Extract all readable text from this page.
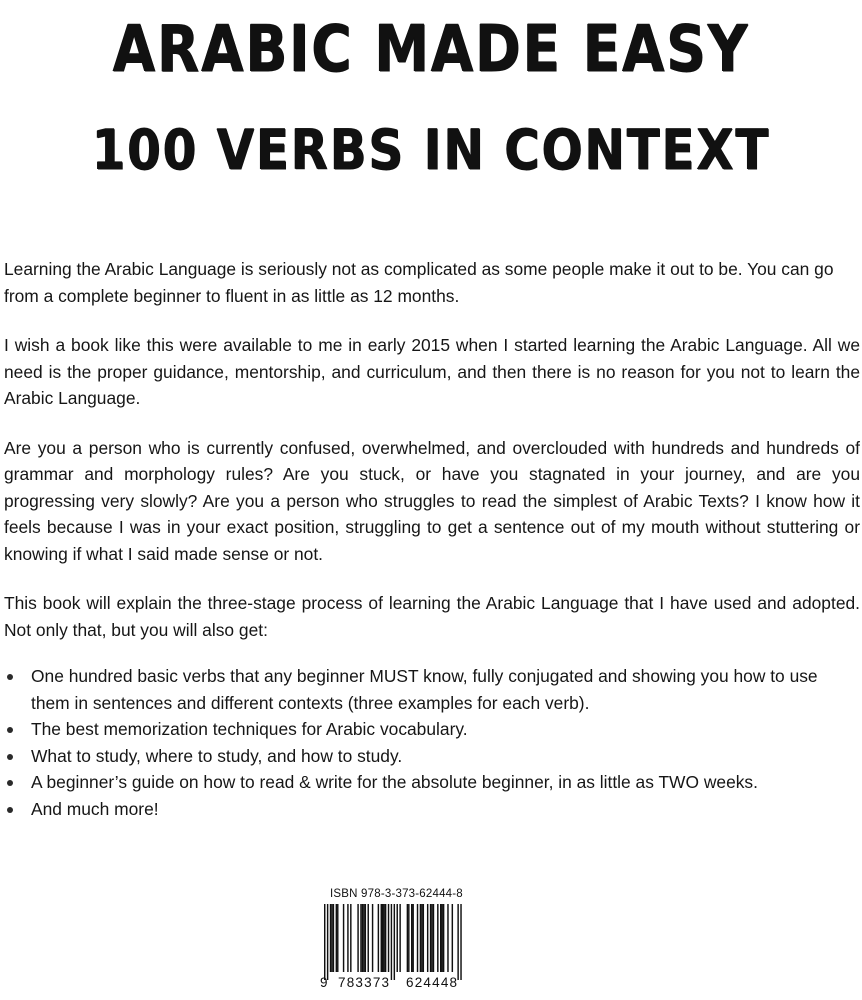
ARABIC MADE EASY
100 VERBS IN CONTEXT

Learning the Arabic Language is seriously not as complicated as some people make it out to be. You can go from a complete beginner to fluent in as little as 12 months.

I wish a book like this were available to me in early 2015 when I started learning the Arabic Language. All we need is the proper guidance, mentorship, and curriculum, and then there is no reason for you not to learn the Arabic Language.

Are you a person who is currently confused, overwhelmed, and overclouded with hundreds and hundreds of grammar and morphology rules? Are you stuck, or have you stagnated in your journey, and are you progressing very slowly? Are you a person who struggles to read the simplest of Arabic Texts? I know how it feels because I was in your exact position, struggling to get a sentence out of my mouth without stuttering or knowing if what I said made sense or not.

This book will explain the three-stage process of learning the Arabic Language that I have used and adopted. Not only that, but you will also get:

One hundred basic verbs that any beginner MUST know, fully conjugated and showing you how to use them in sentences and different contexts (three examples for each verb).
The best memorization techniques for Arabic vocabulary.
What to study, where to study, and how to study.
A beginner’s guide on how to read & write for the absolute beginner, in as little as TWO weeks.
And much more!
ISBN 978-3-373-62444-8
9 783373 624448
